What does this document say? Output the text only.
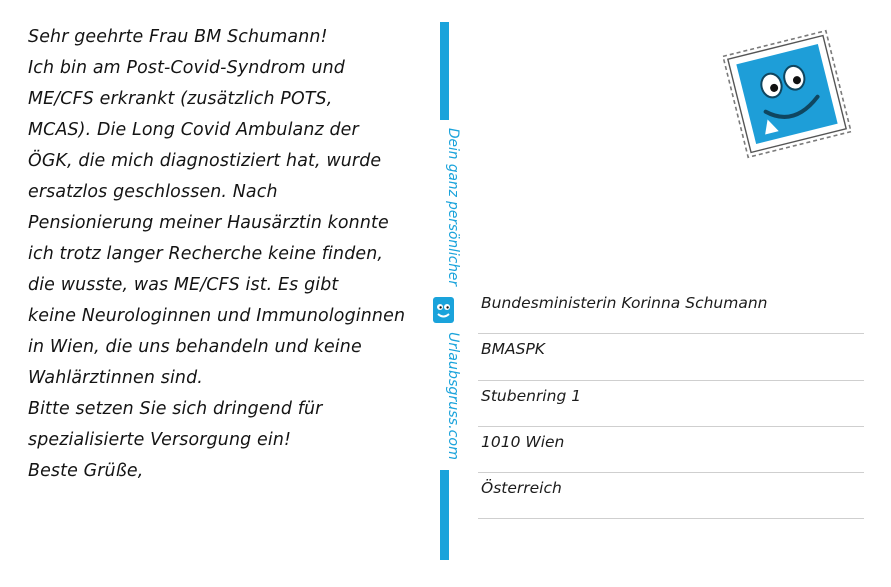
Sehr geehrte Frau BM Schumann!
Ich bin am Post-Covid-Syndrom und
ME/CFS erkrankt (zusätzlich POTS,
MCAS). Die Long Covid Ambulanz der
ÖGK, die mich diagnostiziert hat, wurde
ersatzlos geschlossen. Nach
Pensionierung meiner Hausärztin konnte
ich trotz langer Recherche keine finden,
die wusste, was ME/CFS ist. Es gibt
keine Neurologinnen und Immunologinnen
in Wien, die uns behandeln und keine
Wahlärztinnen sind.
Bitte setzen Sie sich dringend für
spezialisierte Versorgung ein!
Beste Grüße,
Dein ganz persönlicher
Urlaubsgruss.com
Bundesministerin Korinna Schumann
BMASPK
Stubenring 1
1010 Wien
Österreich
